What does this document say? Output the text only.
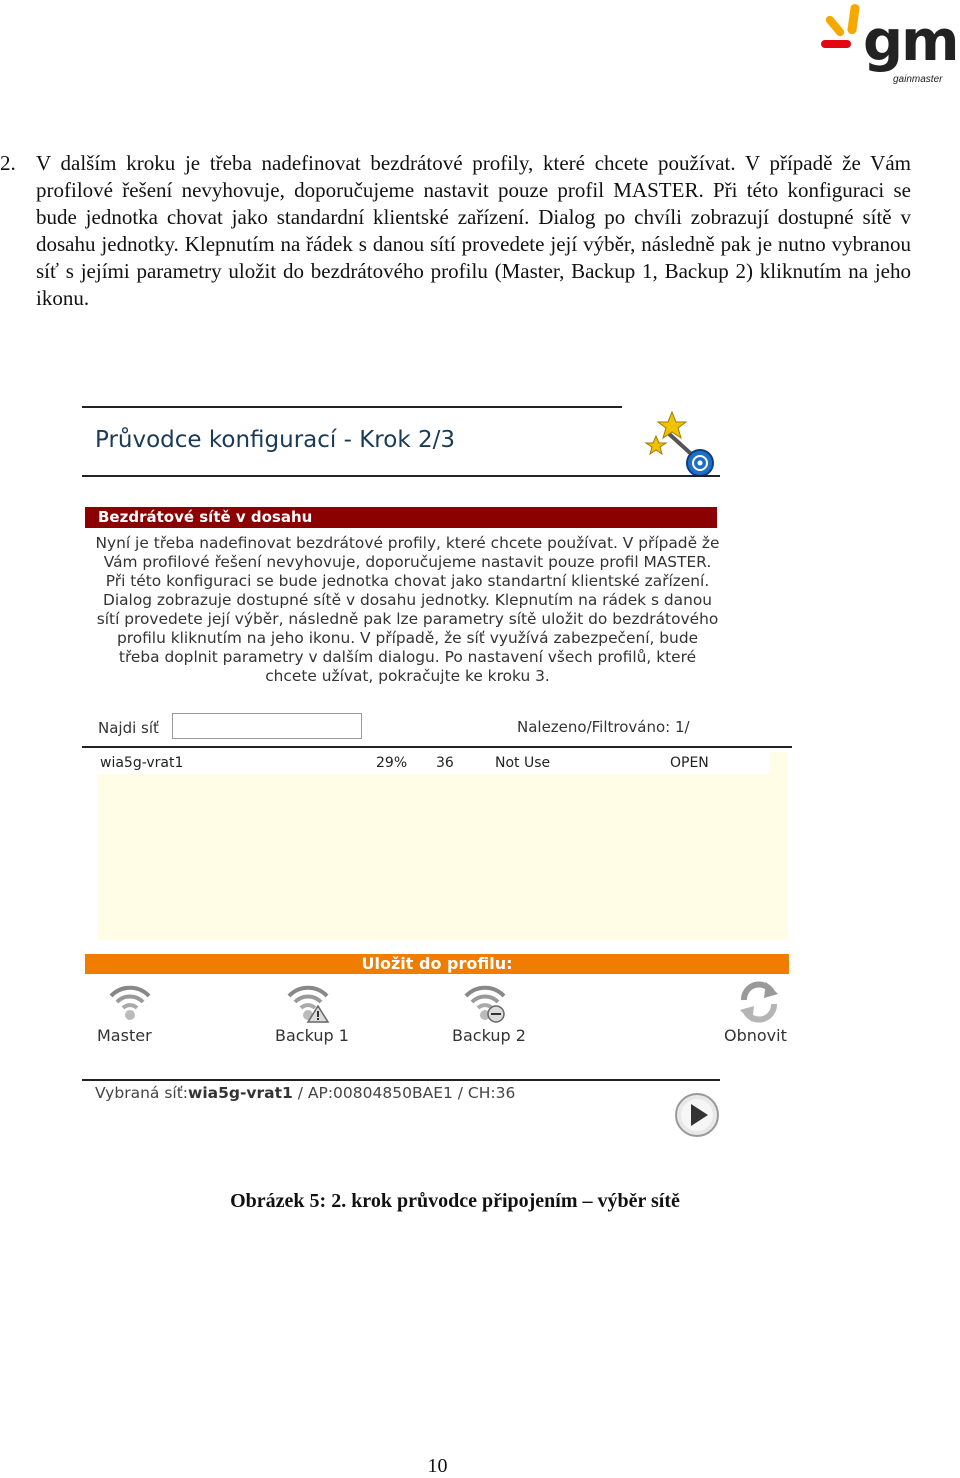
gm
gainmaster
2. V dalším kroku je třeba nadefinovat bezdrátové profily, které chcete používat. V případě že Vám profilové řešení nevyhovuje, doporučujeme nastavit pouze profil MASTER. Při této konfiguraci se bude jednotka chovat jako standardní klientské zařízení. Dialog po chvíli zobrazují dostupné sítě v dosahu jednotky. Klepnutím na řádek s danou sítí provedete její výběr, následně pak je nutno vybranou síť s jejími parametry uložit do bezdrátového profilu (Master, Backup 1, Backup 2) kliknutím na jeho ikonu.
Průvodce konfigurací - Krok 2/3
Bezdrátové sítě v dosahu
Nyní je třeba nadefinovat bezdrátové profily, které chcete používat. V případě že Vám profilové řešení nevyhovuje, doporučujeme nastavit pouze profil MASTER. Při této konfiguraci se bude jednotka chovat jako standartní klientské zařízení. Dialog zobrazuje dostupné sítě v dosahu jednotky. Klepnutím na rádek s danou sítí provedete její výběr, následně pak lze parametry sítě uložit do bezdrátového profilu kliknutím na jeho ikonu. V případě, že síť využívá zabezpečení, bude třeba doplnit parametry v dalším dialogu. Po nastavení všech profilů, které chcete užívat, pokračujte ke kroku 3.
Najdi síť	Nalezeno/Filtrováno: 1/
wia5g-vrat1	29% 36	Not Use	OPEN
Uložit do profilu:
Master	Backup 1	Backup 2	Obnovit
Vybraná síť:wia5g-vrat1 / AP:00804850BAE1 / CH:36
Obrázek 5: 2. krok průvodce připojením – výběr sítě
10
